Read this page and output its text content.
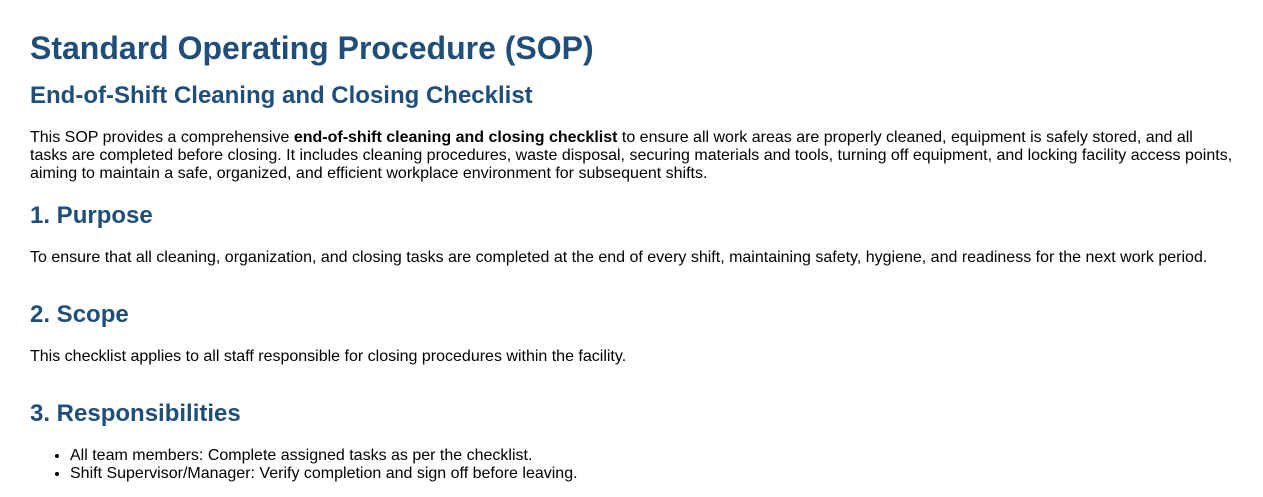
Standard Operating Procedure (SOP)
End-of-Shift Cleaning and Closing Checklist

This SOP provides a comprehensive end-of-shift cleaning and closing checklist to ensure all work areas are properly cleaned, equipment is safely stored, and all tasks are completed before closing. It includes cleaning procedures, waste disposal, securing materials and tools, turning off equipment, and locking facility access points, aiming to maintain a safe, organized, and efficient workplace environment for subsequent shifts.

1. Purpose

To ensure that all cleaning, organization, and closing tasks are completed at the end of every shift, maintaining safety, hygiene, and readiness for the next work period.

2. Scope

This checklist applies to all staff responsible for closing procedures within the facility.

3. Responsibilities
• All team members: Complete assigned tasks as per the checklist.
• Shift Supervisor/Manager: Verify completion and sign off before leaving.
